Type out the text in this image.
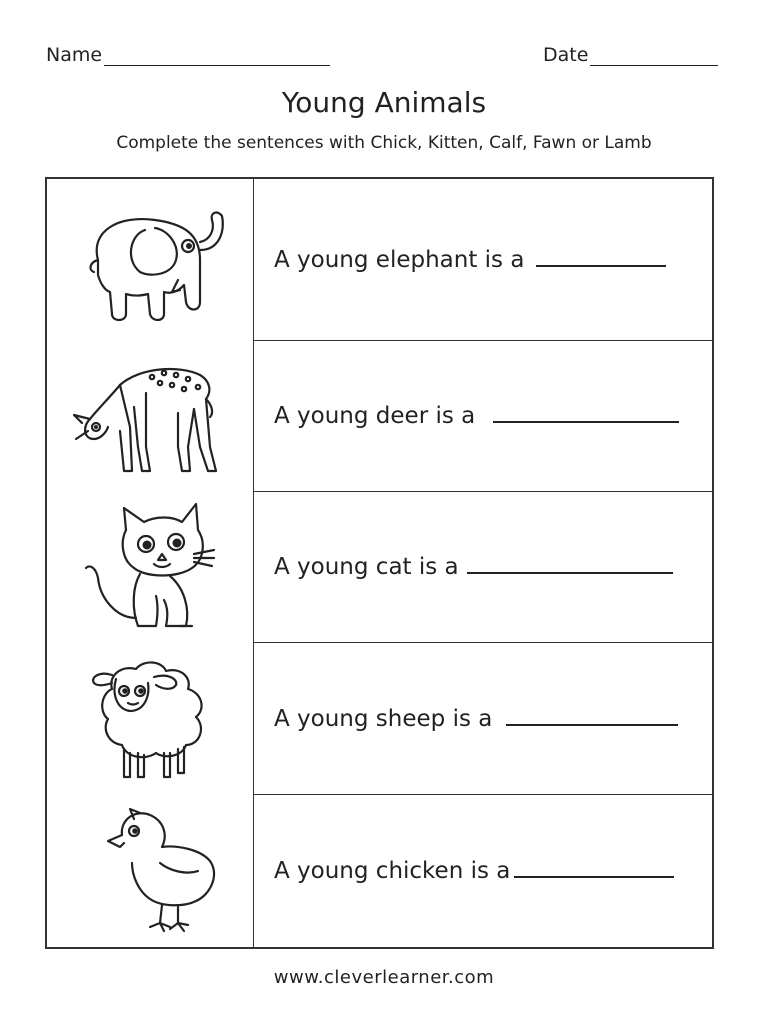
Name	Date
Young Animals
Complete the sentences with Chick, Kitten, Calf, Fawn or Lamb
A young elephant is a
A young deer is a
A young cat is a
A young sheep is a
A young chicken is a
www.cleverlearner.com
